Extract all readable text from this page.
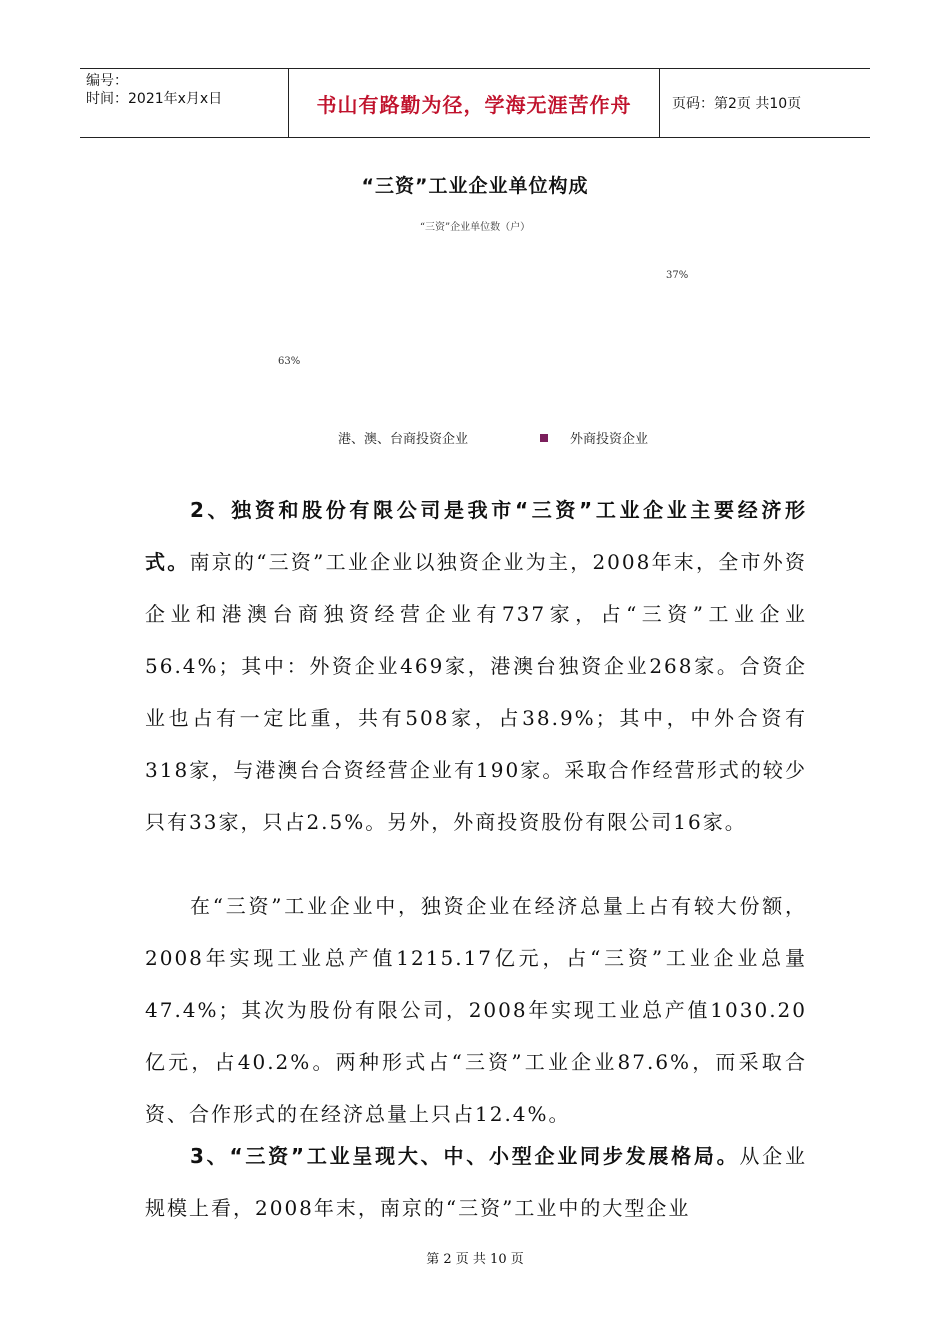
编号：
时间：2021年x月x日	书山有路勤为径，学海无涯苦作舟	页码：第2页 共10页
“三资”工业企业单位构成
“三资”企业单位数（户）
37%
63%
港、澳、台商投资企业	外商投资企业
2、独资和股份有限公司是我市“三资”工业企业主要经济形式。南京的“三资”工业企业以独资企业为主，2008年末，全市外资企业和港澳台商独资经营企业有737家，占“三资”工业企业56.4%；其中：外资企业469家，港澳台独资企业268家。合资企业也占有一定比重，共有508家，占38.9%；其中，中外合资有318家，与港澳台合资经营企业有190家。采取合作经营形式的较少只有33家，只占2.5%。另外，外商投资股份有限公司16家。
在“三资”工业企业中，独资企业在经济总量上占有较大份额，2008年实现工业总产值1215.17亿元，占“三资”工业企业总量47.4%；其次为股份有限公司，2008年实现工业总产值1030.20亿元，占40.2%。两种形式占“三资”工业企业87.6%，而采取合资、合作形式的在经济总量上只占12.4%。
3、“三资”工业呈现大、中、小型企业同步发展格局。从企业规模上看，2008年末，南京的“三资”工业中的大型企业
第 2 页 共 10 页
